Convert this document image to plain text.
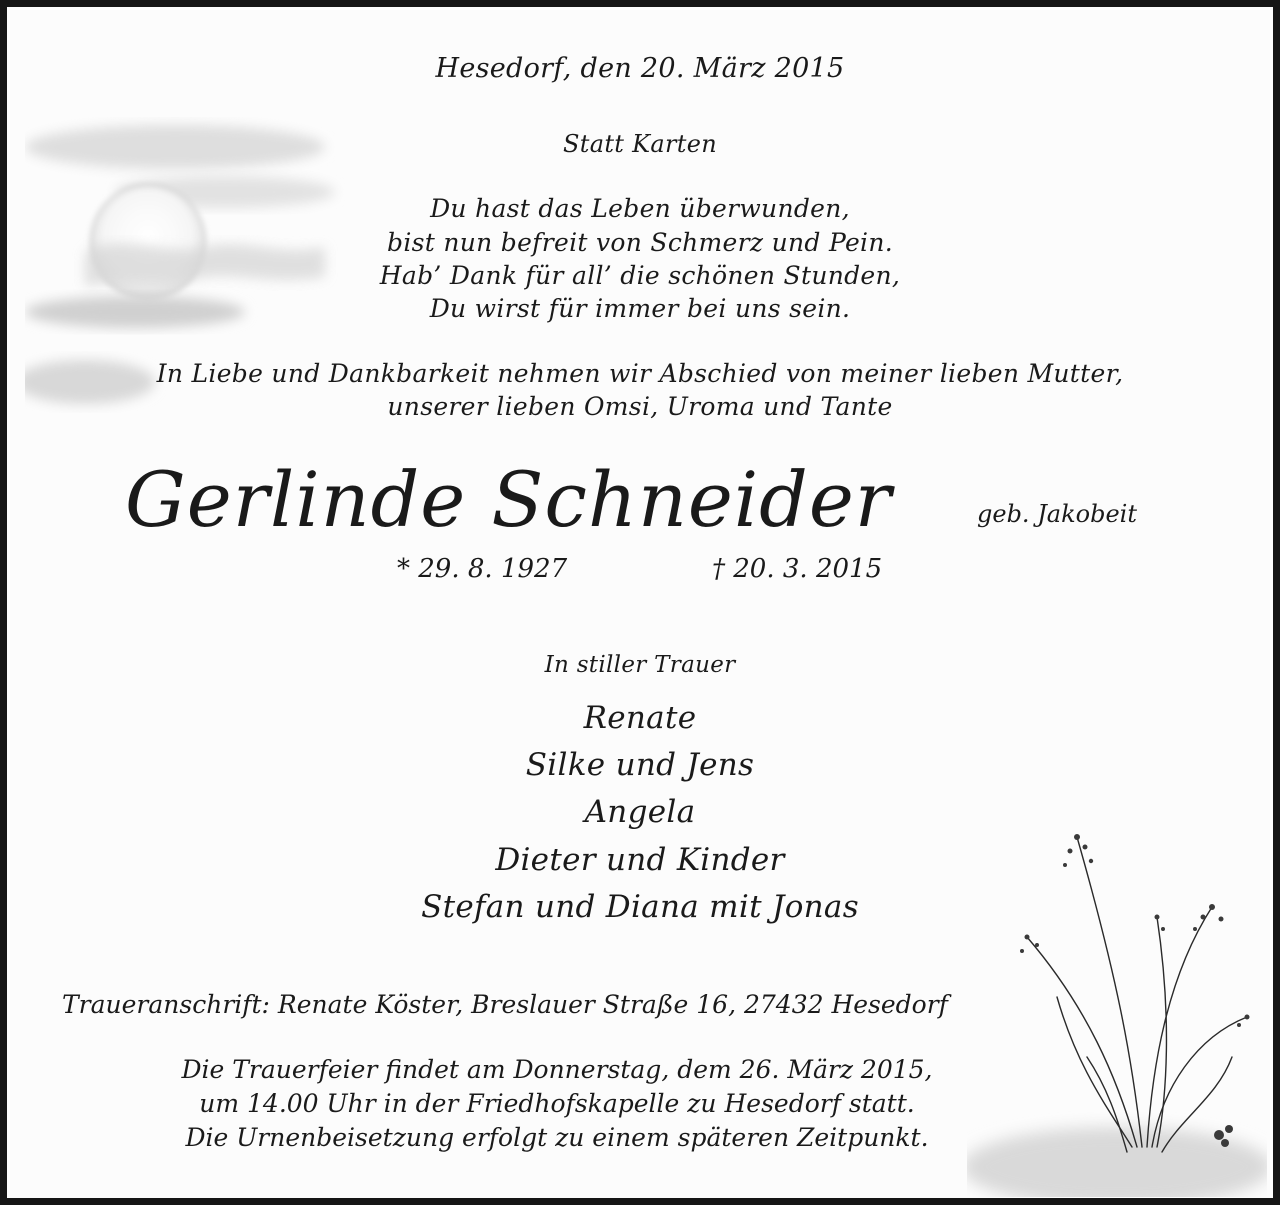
Hesedorf, den 20. März 2015
Statt Karten
Du hast das Leben überwunden,
bist nun befreit von Schmerz und Pein.
Hab’ Dank für all’ die schönen Stunden,
Du wirst für immer bei uns sein.
In Liebe und Dankbarkeit nehmen wir Abschied von meiner lieben Mutter,
unserer lieben Omsi, Uroma und Tante
Gerlinde Schneider	geb. Jakobeit
* 29. 8. 1927	† 20. 3. 2015
In stiller Trauer
Renate
Silke und Jens
Angela
Dieter und Kinder
Stefan und Diana mit Jonas
Traueranschrift: Renate Köster, Breslauer Straße 16, 27432 Hesedorf
Die Trauerfeier findet am Donnerstag, dem 26. März 2015,
um 14.00 Uhr in der Friedhofskapelle zu Hesedorf statt.
Die Urnenbeisetzung erfolgt zu einem späteren Zeitpunkt.
